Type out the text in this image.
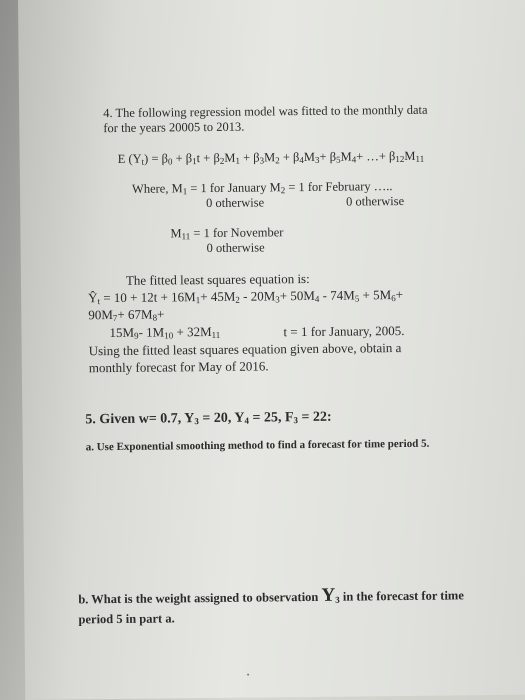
4. The following regression model was fitted to the monthly data
for the years 20005 to 2013.
E $(Y_t) = \beta_0 + \beta_1t + \beta_2M_1 + \beta_3M_2 + \beta_4M_3+ \beta_5M_4+$ …+ $\beta_{12}M_{11}$
Where, $M_1 = 1$ for January $M_2 = 1$ for February …..
0 otherwise	0 otherwise
$M_{11} = 1$ for November
0 otherwise
The fitted least squares equation is:
$Ŷ_t = 10 + 12t + 16M_1+ 45M_2 - 20M_3+ 50M_4 - 74M_5 + 5M_6+$
$90M_7+ 67M_8+$
$15M_9-$ $1M_{10} + 32M_{11}$	t = 1 for January, 2005.
Using the fitted least squares equation given above, obtain a
monthly forecast for May of 2016.
5. Given w= 0.7, $Y_3 = 20$, $Y_4 = 25$, $F_3 = 22$:
a. Use Exponential smoothing method to find a forecast for time period 5.
b. What is the weight assigned to observation $Y_3$ in the forecast for time
period 5 in part a.
